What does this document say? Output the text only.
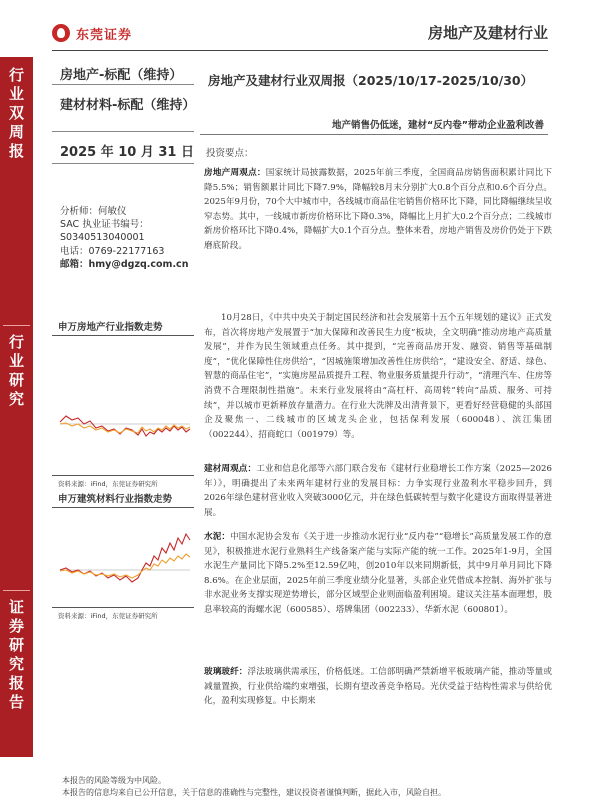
东莞证券	房地产及建材行业
行
业
双
周
报
行
业
研
究
证
券
研
究
报
告
房地产-标配（维持）
建材材料-标配（维持）
2025 年 10 月 31 日
分析师：何敏仪
SAC 执业证书编号：
S0340513040001
电话：0769-22177163
邮箱：hmy@dgzq.com.cn
申万房地产行业指数走势
资料来源：iFind，东莞证券研究所
申万建筑材料行业指数走势
资料来源：iFind，东莞证券研究所
房地产及建材行业双周报（2025/10/17-2025/10/30）
地产销售仍低迷，建材“反内卷”带动企业盈利改善
投资要点：
房地产周观点：国家统计局披露数据，2025年前三季度，全国商品房销售面积累计同比下降5.5%；销售额累计同比下降7.9%，降幅较8月末分别扩大0.8个百分点和0.6个百分点。2025年9月份，70个大中城市中，各线城市商品住宅销售价格环比下降，同比降幅继续呈收窄态势。其中，一线城市新房价格环比下降0.3%，降幅比上月扩大0.2个百分点；二线城市新房价格环比下降0.4%，降幅扩大0.1个百分点。整体来看，房地产销售及房价仍处于下跌磨底阶段。
10月28日，《中共中央关于制定国民经济和社会发展第十五个五年规划的建议》正式发布，首次将房地产发展置于“加大保障和改善民生力度”板块，全文明确“推动房地产高质量发展”，并作为民生领域重点任务。其中提到，“完善商品房开发、融资、销售等基础制度”，“优化保障性住房供给”，“因城施策增加改善性住房供给”，“建设安全、舒适、绿色、智慧的商品住宅”，“实施房屋品质提升工程、物业服务质量提升行动”，“清理汽车、住房等消费不合理限制性措施”。未来行业发展将由“高杠杆、高周转”转向“品质、服务、可持续”，并以城市更新释放存量潜力。在行业大洗牌及出清背景下，更看好经营稳健的头部国企及聚焦一、二线城市的区域龙头企业，包括保利发展（600048）、滨江集团（002244）、招商蛇口（001979）等。
建材周观点：工业和信息化部等六部门联合发布《建材行业稳增长工作方案（2025—2026年）》，明确提出了未来两年建材行业的发展目标：力争实现行业盈利水平稳步回升，到2026年绿色建材营业收入突破3000亿元，并在绿色低碳转型与数字化建设方面取得显著进展。
水泥：中国水泥协会发布《关于进一步推动水泥行业“反内卷”“稳增长”高质量发展工作的意见》，积极推进水泥行业熟料生产线备案产能与实际产能的统一工作。2025年1-9月，全国水泥生产量同比下降5.2%至12.59亿吨，创2010年以来同期新低，其中9月单月同比下降8.6%。在企业层面，2025年前三季度业绩分化显著，头部企业凭借成本控制、海外扩张与非水泥业务支撑实现逆势增长，部分区域型企业则面临盈利困境。建议关注基本面理想，股息率较高的海螺水泥（600585）、塔牌集团（002233）、华新水泥（600801）。
玻璃玻纤：浮法玻璃供需承压，价格低迷。工信部明确严禁新增平板玻璃产能，推动等量或减量置换，行业供给端约束增强，长期有望改善竞争格局。光伏受益于结构性需求与供给优化，盈利实现修复。中长期来
本报告的风险等级为中风险。
本报告的信息均来自已公开信息，关于信息的准确性与完整性，建议投资者谨慎判断，据此入市，风险自担。
